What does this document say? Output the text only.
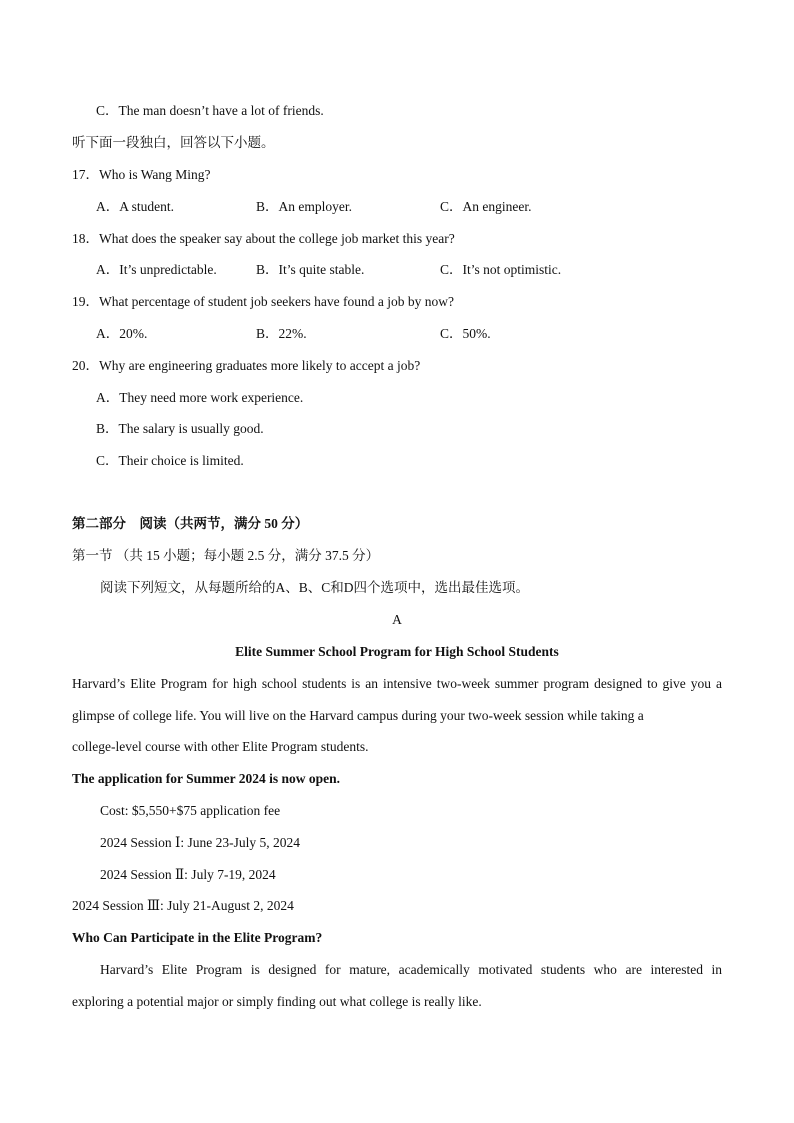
C．The man doesn’t have a lot of friends.
听下面一段独白，回答以下小题。
17．Who is Wang Ming?
A．A student.	B．An employer.	C．An engineer.
18．What does the speaker say about the college job market this year?
A．It’s unpredictable.	B．It’s quite stable.	C．It’s not optimistic.
19．What percentage of student job seekers have found a job by now?
A．20%.	B．22%.	C．50%.
20．Why are engineering graduates more likely to accept a job?
A．They need more work experience.
B．The salary is usually good.
C．Their choice is limited.
第二部分　阅读（共两节，满分 50 分）
第一节 （共 15 小题；每小题 2.5 分，满分 37.5 分）
阅读下列短文，从每题所给的A、B、C和D四个选项中，选出最佳选项。
A
Elite Summer School Program for High School Students
Harvard’s Elite Program for high school students is an intensive two-week summer program designed to give you a
glimpse of college life. You will live on the Harvard campus during your two-week session while taking a
college-level course with other Elite Program students.
The application for Summer 2024 is now open.
Cost: $5,550+$75 application fee
2024 Session Ⅰ: June 23-July 5, 2024
2024 Session Ⅱ: July 7-19, 2024
2024 Session Ⅲ: July 21-August 2, 2024
Who Can Participate in the Elite Program?
Harvard’s Elite Program is designed for mature, academically motivated students who are interested in
exploring a potential major or simply finding out what college is really like.
